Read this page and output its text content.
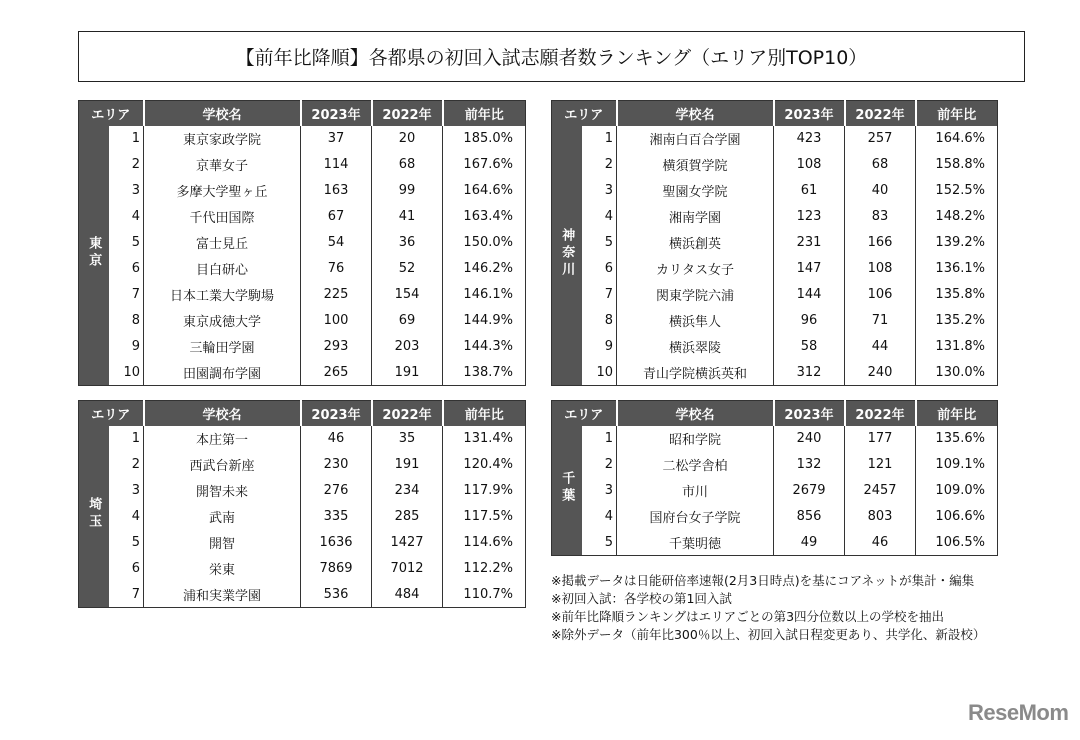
【前年比降順】各都県の初回入試志願者数ランキング（エリア別TOP10）
エリア		学校名	2023年	2022年	前年比
東京	1	東京家政学院	37	20	185.0%
	2	京華女子	114	68	167.6%
	3	多摩大学聖ヶ丘	163	99	164.6%
	4	千代田国際	67	41	163.4%
	5	富士見丘	54	36	150.0%
	6	目白研心	76	52	146.2%
	7	日本工業大学駒場	225	154	146.1%
	8	東京成徳大学	100	69	144.9%
	9	三輪田学園	293	203	144.3%
	10	田園調布学園	265	191	138.7%
エリア		学校名	2023年	2022年	前年比
神奈川	1	湘南白百合学園	423	257	164.6%
	2	横須賀学院	108	68	158.8%
	3	聖園女学院	61	40	152.5%
	4	湘南学園	123	83	148.2%
	5	横浜創英	231	166	139.2%
	6	カリタス女子	147	108	136.1%
	7	関東学院六浦	144	106	135.8%
	8	横浜隼人	96	71	135.2%
	9	横浜翠陵	58	44	131.8%
	10	青山学院横浜英和	312	240	130.0%
エリア		学校名	2023年	2022年	前年比
埼玉	1	本庄第一	46	35	131.4%
	2	西武台新座	230	191	120.4%
	3	開智未来	276	234	117.9%
	4	武南	335	285	117.5%
	5	開智	1636	1427	114.6%
	6	栄東	7869	7012	112.2%
	7	浦和実業学園	536	484	110.7%
エリア		学校名	2023年	2022年	前年比
千葉	1	昭和学院	240	177	135.6%
	2	二松学舎柏	132	121	109.1%
	3	市川	2679	2457	109.0%
	4	国府台女子学院	856	803	106.6%
	5	千葉明徳	49	46	106.5%
※掲載データは日能研倍率速報(2月3日時点)を基にコアネットが集計・編集
※初回入試：各学校の第1回入試
※前年比降順ランキングはエリアごとの第3四分位数以上の学校を抽出
※除外データ（前年比300％以上、初回入試日程変更あり、共学化、新設校）
ReseMom
